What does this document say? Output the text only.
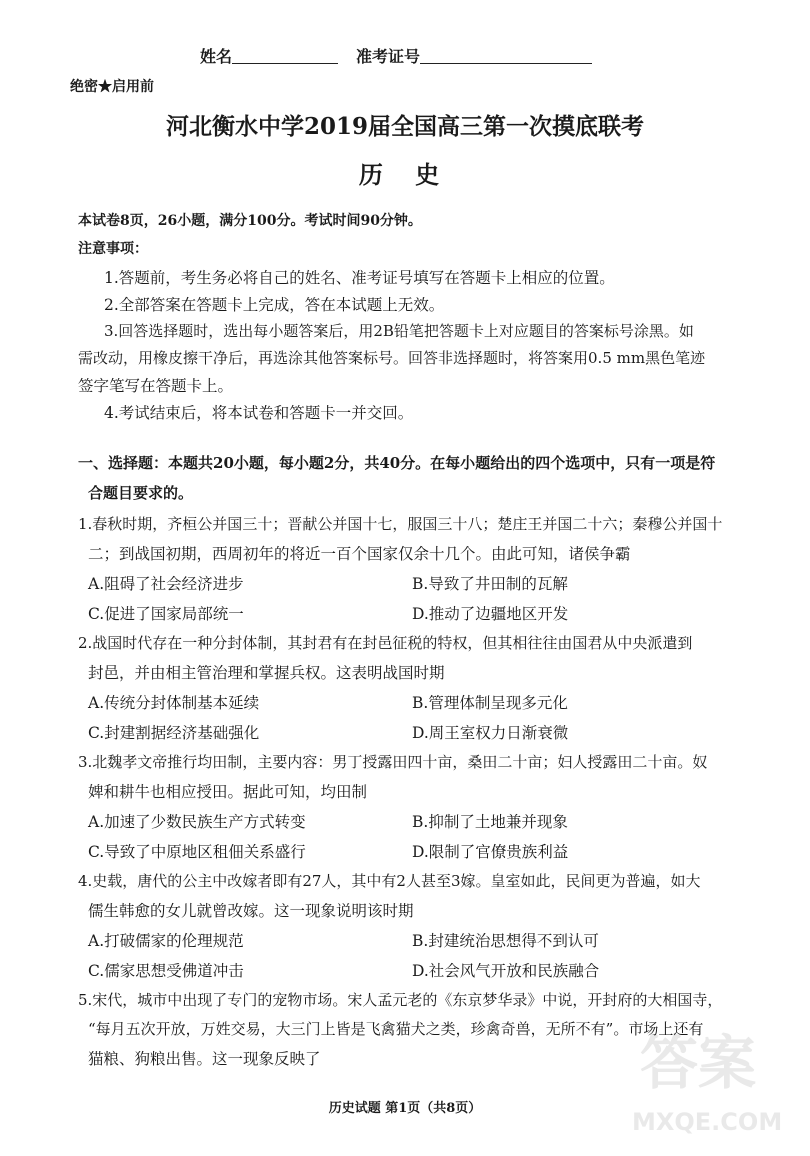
姓名	准考证号
绝密★启用前
河北衡水中学2019届全国高三第一次摸底联考
历 史
本试卷8页，26小题，满分100分。考试时间90分钟。
注意事项：
1.答题前，考生务必将自己的姓名、准考证号填写在答题卡上相应的位置。
2.全部答案在答题卡上完成，答在本试题上无效。
3.回答选择题时，选出每小题答案后，用2B铅笔把答题卡上对应题目的答案标号涂黑。如
需改动，用橡皮擦干净后，再选涂其他答案标号。回答非选择题时，将答案用0.5 mm黑色笔迹
签字笔写在答题卡上。
4.考试结束后，将本试卷和答题卡一并交回。
一、选择题：本题共20小题，每小题2分，共40分。在每小题给出的四个选项中，只有一项是符
合题目要求的。
1.春秋时期，齐桓公并国三十；晋献公并国十七，服国三十八；楚庄王并国二十六；秦穆公并国十
二；到战国初期，西周初年的将近一百个国家仅余十几个。由此可知，诸侯争霸
A.阻碍了社会经济进步	B.导致了井田制的瓦解
C.促进了国家局部统一	D.推动了边疆地区开发
2.战国时代存在一种分封体制，其封君有在封邑征税的特权，但其相往往由国君从中央派遣到
封邑，并由相主管治理和掌握兵权。这表明战国时期
A.传统分封体制基本延续	B.管理体制呈现多元化
C.封建割据经济基础强化	D.周王室权力日渐衰微
3.北魏孝文帝推行均田制，主要内容：男丁授露田四十亩，桑田二十亩；妇人授露田二十亩。奴
婢和耕牛也相应授田。据此可知，均田制
A.加速了少数民族生产方式转变	B.抑制了土地兼并现象
C.导致了中原地区租佃关系盛行	D.限制了官僚贵族利益
4.史载，唐代的公主中改嫁者即有27人，其中有2人甚至3嫁。皇室如此，民间更为普遍，如大
儒生韩愈的女儿就曾改嫁。这一现象说明该时期
A.打破儒家的伦理规范	B.封建统治思想得不到认可
C.儒家思想受佛道冲击	D.社会风气开放和民族融合
5.宋代，城市中出现了专门的宠物市场。宋人孟元老的《东京梦华录》中说，开封府的大相国寺，
“每月五次开放，万姓交易，大三门上皆是飞禽猫犬之类，珍禽奇兽，无所不有”。市场上还有
猫粮、狗粮出售。这一现象反映了
历史试题 第1页（共8页）
答案
MXQE.COM
